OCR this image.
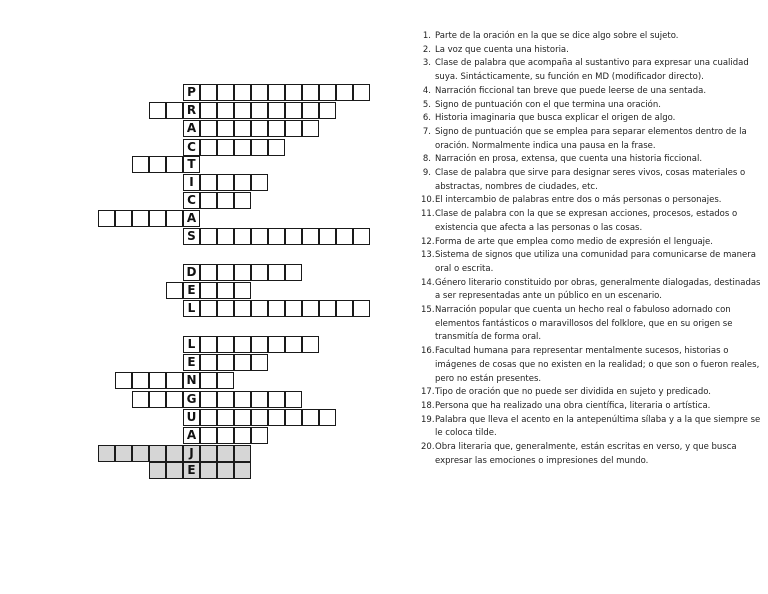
P
R
A
C
T
I
C
A
S
D
E
L
L
E
N
G
U
A
J
E
1. Parte de la oración en la que se dice algo sobre el sujeto.
2. La voz que cuenta una historia.
3. Clase de palabra que acompaña al sustantivo para expresar una cualidad suya. Sintácticamente, su función en MD (modificador directo).
4. Narración ficcional tan breve que puede leerse de una sentada.
5. Signo de puntuación con el que termina una oración.
6. Historia imaginaria que busca explicar el origen de algo.
7. Signo de puntuación que se emplea para separar elementos dentro de la oración. Normalmente indica una pausa en la frase.
8. Narración en prosa, extensa, que cuenta una historia ficcional.
9. Clase de palabra que sirve para designar seres vivos, cosas materiales o abstractas, nombres de ciudades, etc.
10. El intercambio de palabras entre dos o más personas o personajes.
11. Clase de palabra con la que se expresan acciones, procesos, estados o existencia que afecta a las personas o las cosas.
12. Forma de arte que emplea como medio de expresión el lenguaje.
13. Sistema de signos que utiliza una comunidad para comunicarse de manera oral o escrita.
14. Género literario constituido por obras, generalmente dialogadas, destinadas a ser representadas ante un público en un escenario.
15. Narración popular que cuenta un hecho real o fabuloso adornado con elementos fantásticos o maravillosos del folklore, que en su origen se transmitía de forma oral.
16. Facultad humana para representar mentalmente sucesos, historias o imágenes de cosas que no existen en la realidad; o que son o fueron reales, pero no están presentes.
17. Tipo de oración que no puede ser dividida en sujeto y predicado.
18. Persona que ha realizado una obra científica, literaria o artística.
19. Palabra que lleva el acento en la antepenúltima sílaba y a la que siempre se le coloca tilde.
20. Obra literaria que, generalmente, están escritas en verso, y que busca expresar las emociones o impresiones del mundo.
